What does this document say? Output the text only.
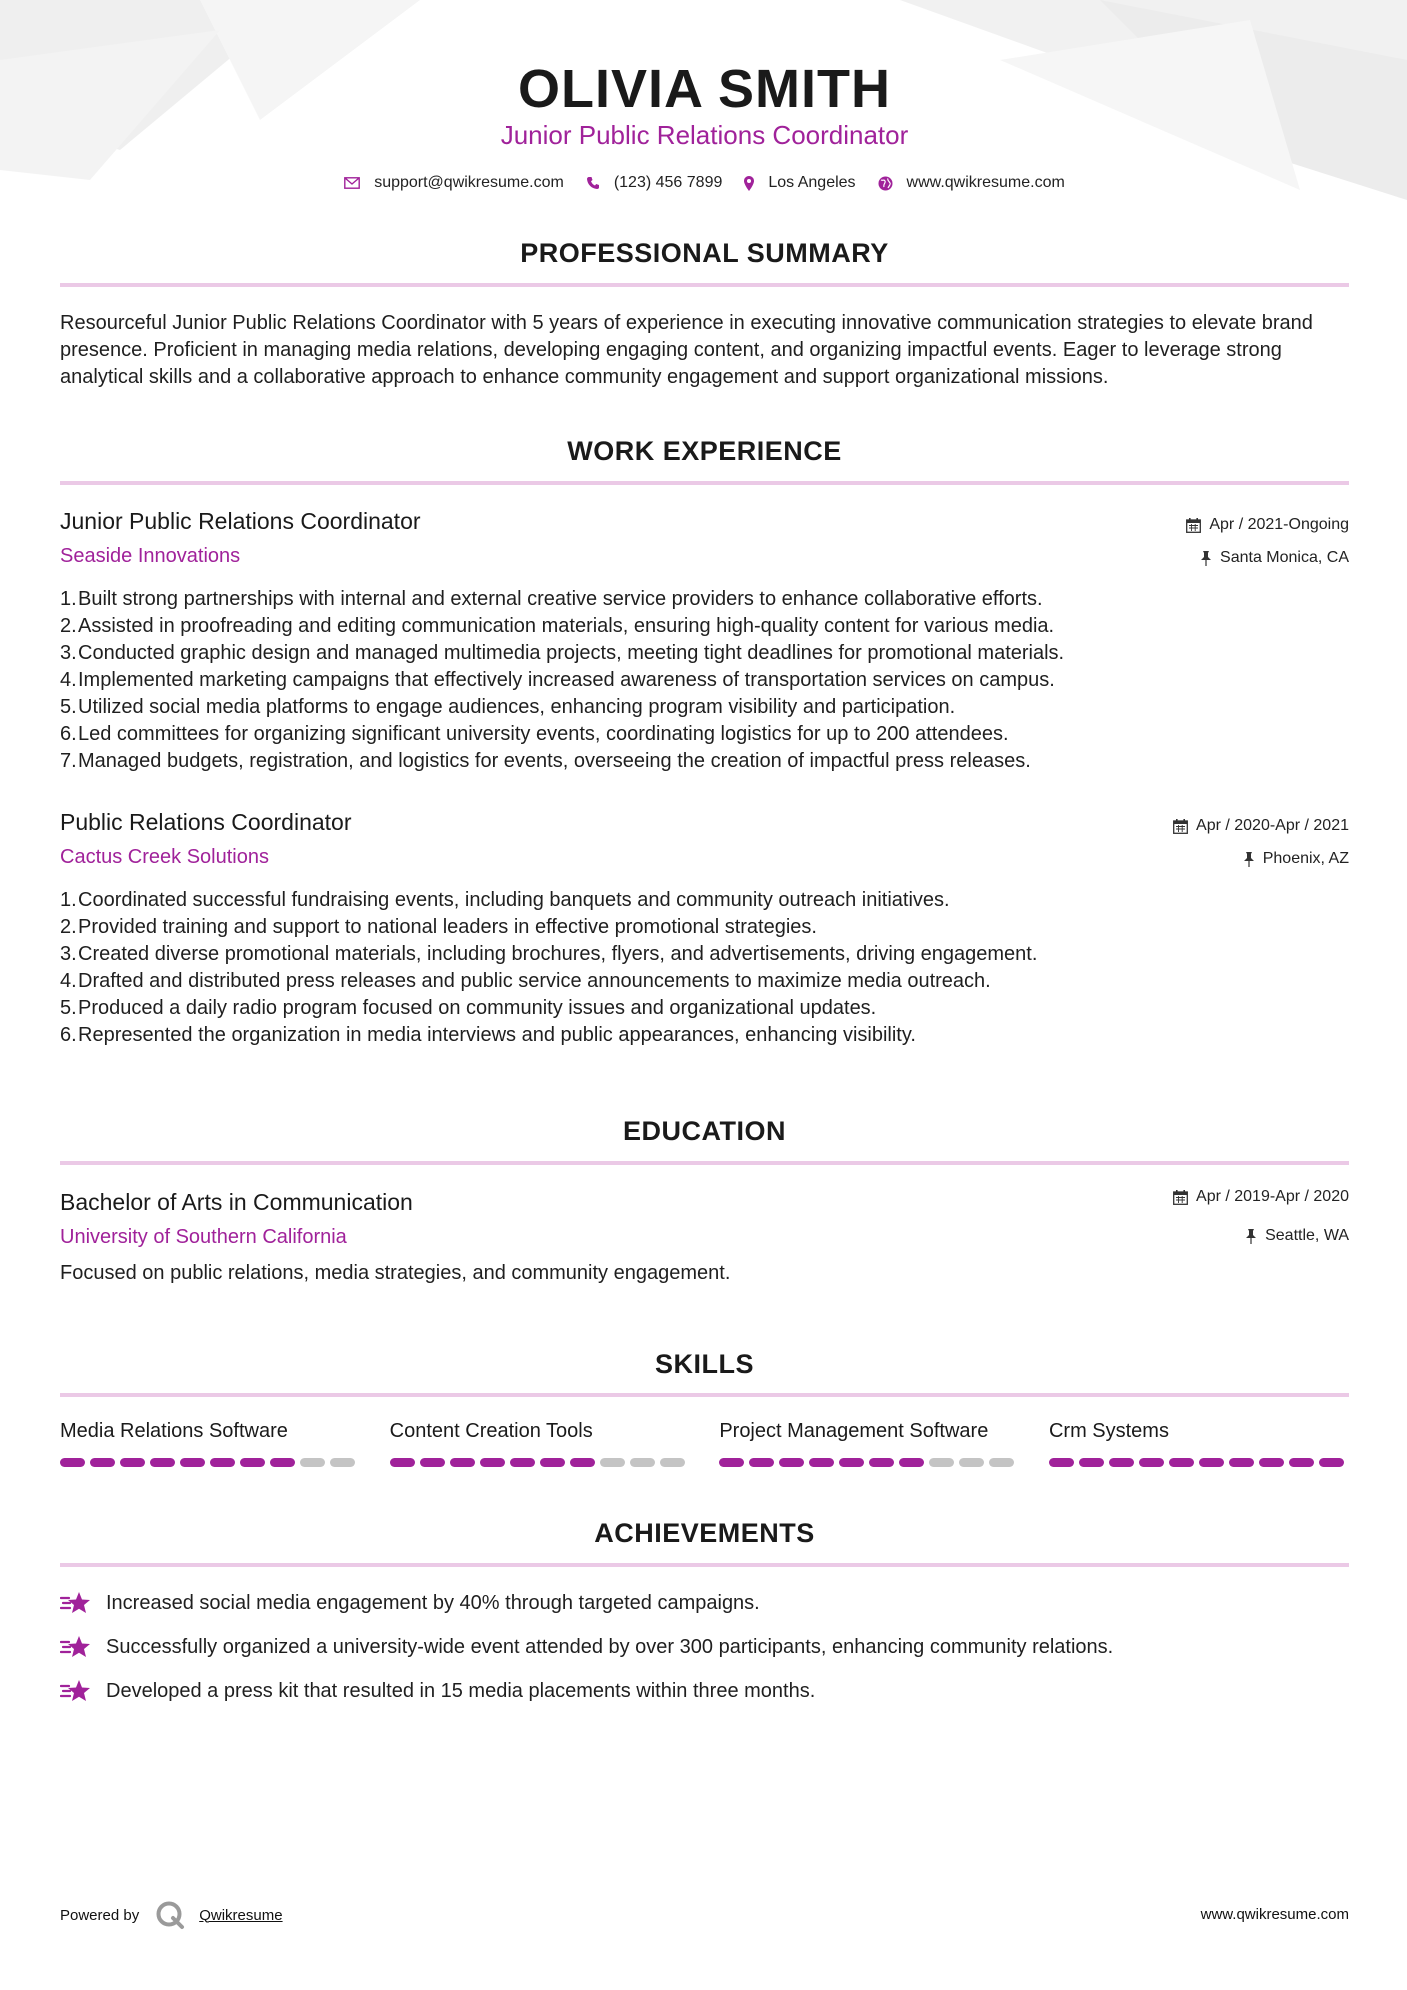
OLIVIA SMITH
Junior Public Relations Coordinator
support@qwikresume.com	(123) 456 7899	Los Angeles	www.qwikresume.com
PROFESSIONAL SUMMARY
Resourceful Junior Public Relations Coordinator with 5 years of experience in executing innovative communication strategies to elevate brand presence. Proficient in managing media relations, developing engaging content, and organizing impactful events. Eager to leverage strong analytical skills and a collaborative approach to enhance community engagement and support organizational missions.
WORK EXPERIENCE
Junior Public Relations Coordinator
Seaside Innovations
Apr / 2021-Ongoing
Santa Monica, CA
1. Built strong partnerships with internal and external creative service providers to enhance collaborative efforts.
2. Assisted in proofreading and editing communication materials, ensuring high-quality content for various media.
3. Conducted graphic design and managed multimedia projects, meeting tight deadlines for promotional materials.
4. Implemented marketing campaigns that effectively increased awareness of transportation services on campus.
5. Utilized social media platforms to engage audiences, enhancing program visibility and participation.
6. Led committees for organizing significant university events, coordinating logistics for up to 200 attendees.
7. Managed budgets, registration, and logistics for events, overseeing the creation of impactful press releases.
Public Relations Coordinator
Cactus Creek Solutions
Apr / 2020-Apr / 2021
Phoenix, AZ
1. Coordinated successful fundraising events, including banquets and community outreach initiatives.
2. Provided training and support to national leaders in effective promotional strategies.
3. Created diverse promotional materials, including brochures, flyers, and advertisements, driving engagement.
4. Drafted and distributed press releases and public service announcements to maximize media outreach.
5. Produced a daily radio program focused on community issues and organizational updates.
6. Represented the organization in media interviews and public appearances, enhancing visibility.
EDUCATION
Bachelor of Arts in Communication
University of Southern California
Apr / 2019-Apr / 2020
Seattle, WA
Focused on public relations, media strategies, and community engagement.
SKILLS
Media Relations Software	Content Creation Tools	Project Management Software	Crm Systems
ACHIEVEMENTS
Increased social media engagement by 40% through targeted campaigns.
Successfully organized a university-wide event attended by over 300 participants, enhancing community relations.
Developed a press kit that resulted in 15 media placements within three months.
Powered by	Qwikresume	www.qwikresume.com
